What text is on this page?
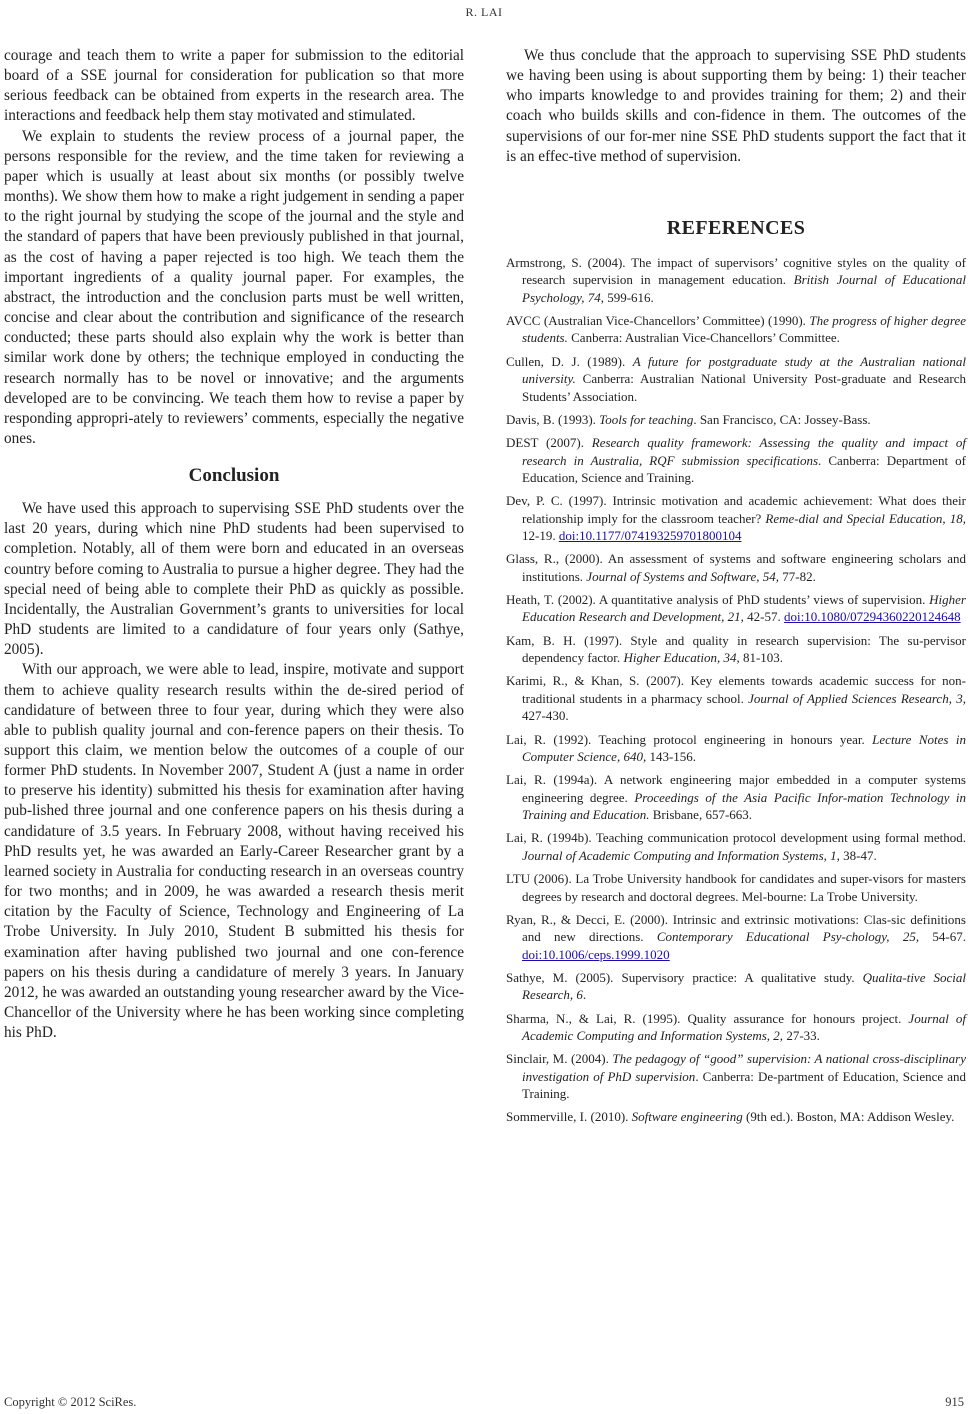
R. LAI

courage and teach them to write a paper for submission to the editorial board of a SSE journal for consideration for publication so that more serious feedback can be obtained from experts in the research area. The interactions and feedback help them stay motivated and stimulated.

We explain to students the review process of a journal paper, the persons responsible for the review, and the time taken for reviewing a paper which is usually at least about six months (or possibly twelve months). We show them how to make a right judgement in sending a paper to the right journal by studying the scope of the journal and the style and the standard of papers that have been previously published in that journal, as the cost of having a paper rejected is too high. We teach them the important ingredients of a quality journal paper. For examples, the abstract, the introduction and the conclusion parts must be well written, concise and clear about the contribution and significance of the research conducted; these parts should also explain why the work is better than similar work done by others; the technique employed in conducting the research normally has to be novel or innovative; and the arguments developed are to be convincing. We teach them how to revise a paper by responding appropri-ately to reviewers’ comments, especially the negative ones.

Conclusion

We have used this approach to supervising SSE PhD students over the last 20 years, during which nine PhD students had been supervised to completion. Notably, all of them were born and educated in an overseas country before coming to Australia to pursue a higher degree. They had the special need of being able to complete their PhD as quickly as possible. Incidentally, the Australian Government’s grants to universities for local PhD students are limited to a candidature of four years only (Sathye, 2005).

With our approach, we were able to lead, inspire, motivate and support them to achieve quality research results within the de-sired period of candidature of between three to four year, during which they were also able to publish quality journal and con-ference papers on their thesis. To support this claim, we mention below the outcomes of a couple of our former PhD students. In November 2007, Student A (just a name in order to preserve his identity) submitted his thesis for examination after having pub-lished three journal and one conference papers on his thesis during a candidature of 3.5 years. In February 2008, without having received his PhD results yet, he was awarded an Early-Career Researcher grant by a learned society in Australia for conducting research in an overseas country for two months; and in 2009, he was awarded a research thesis merit citation by the Faculty of Science, Technology and Engineering of La Trobe University. In July 2010, Student B submitted his thesis for examination after having published two journal and one con-ference papers on his thesis during a candidature of merely 3 years. In January 2012, he was awarded an outstanding young researcher award by the Vice-Chancellor of the University where he has been working since completing his PhD.

We thus conclude that the approach to supervising SSE PhD students we having been using is about supporting them by being: 1) their teacher who imparts knowledge to and provides training for them; 2) and their coach who builds skills and con-fidence in them. The outcomes of the supervisions of our for-mer nine SSE PhD students support the fact that it is an effec-tive method of supervision.

REFERENCES

Armstrong, S. (2004). The impact of supervisors’ cognitive styles on the quality of research supervision in management education. British Journal of Educational Psychology, 74, 599-616.

AVCC (Australian Vice-Chancellors’ Committee) (1990). The progress of higher degree students. Canberra: Australian Vice-Chancellors’ Committee.

Cullen, D. J. (1989). A future for postgraduate study at the Australian national university. Canberra: Australian National University Post-graduate and Research Students’ Association.

Davis, B. (1993). Tools for teaching. San Francisco, CA: Jossey-Bass.

DEST (2007). Research quality framework: Assessing the quality and impact of research in Australia, RQF submission specifications. Canberra: Department of Education, Science and Training.

Dev, P. C. (1997). Intrinsic motivation and academic achievement: What does their relationship imply for the classroom teacher? Reme-dial and Special Education, 18, 12-19. doi:10.1177/074193259701800104

Glass, R., (2000). An assessment of systems and software engineering scholars and institutions. Journal of Systems and Software, 54, 77-82.

Heath, T. (2002). A quantitative analysis of PhD students’ views of supervision. Higher Education Research and Development, 21, 42-57. doi:10.1080/07294360220124648

Kam, B. H. (1997). Style and quality in research supervision: The su-pervisor dependency factor. Higher Education, 34, 81-103.

Karimi, R., & Khan, S. (2007). Key elements towards academic success for non-traditional students in a pharmacy school. Journal of Applied Sciences Research, 3, 427-430.

Lai, R. (1992). Teaching protocol engineering in honours year. Lecture Notes in Computer Science, 640, 143-156.

Lai, R. (1994a). A network engineering major embedded in a computer systems engineering degree. Proceedings of the Asia Pacific Infor-mation Technology in Training and Education. Brisbane, 657-663.

Lai, R. (1994b). Teaching communication protocol development using formal method. Journal of Academic Computing and Information Systems, 1, 38-47.

LTU (2006). La Trobe University handbook for candidates and super-visors for masters degrees by research and doctoral degrees. Mel-bourne: La Trobe University.

Ryan, R., & Decci, E. (2000). Intrinsic and extrinsic motivations: Clas-sic definitions and new directions. Contemporary Educational Psy-chology, 25, 54-67. doi:10.1006/ceps.1999.1020

Sathye, M. (2005). Supervisory practice: A qualitative study. Qualita-tive Social Research, 6.

Sharma, N., & Lai, R. (1995). Quality assurance for honours project. Journal of Academic Computing and Information Systems, 2, 27-33.

Sinclair, M. (2004). The pedagogy of “good” supervision: A national cross-disciplinary investigation of PhD supervision. Canberra: De-partment of Education, Science and Training.

Sommerville, I. (2010). Software engineering (9th ed.). Boston, MA: Addison Wesley.

Copyright © 2012 SciRes.	915
